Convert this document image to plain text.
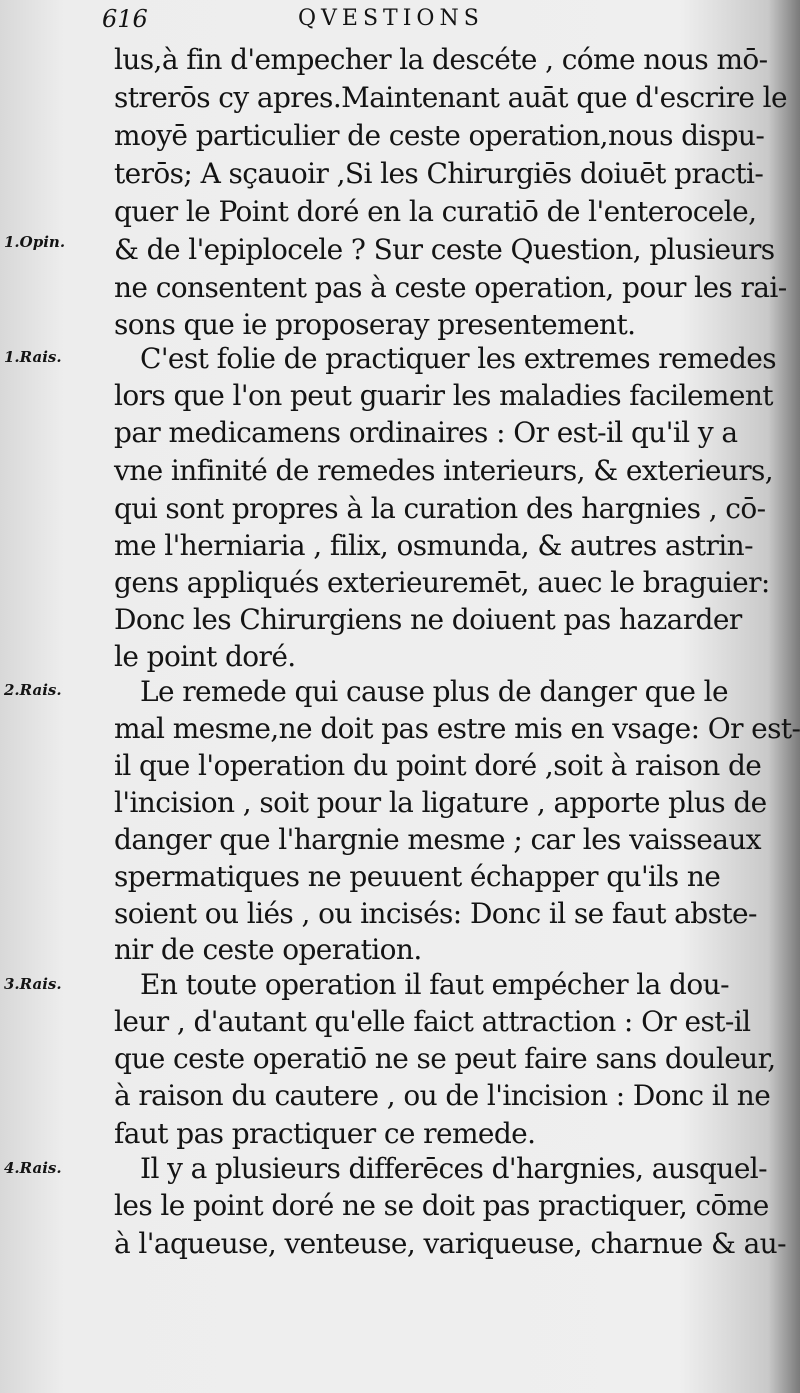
616	QVESTIONS
lus,à fin d'empecher la descéte , cóme nous mō-
strerōs cy apres.Maintenant auāt que d'escrire le
moyē particulier de ceste operation,nous dispu-
terōs; A sçauoir ,Si les Chirurgiēs doiuēt practi-
quer le Point doré en la curatiō de l'enterocele,
& de l'epiplocele ? Sur ceste Question, plusieurs
ne consentent pas à ceste operation, pour les rai-
sons que ie proposeray presentement.
C'est folie de practiquer les extremes remedes
lors que l'on peut guarir les maladies facilement
par medicamens ordinaires : Or est-il qu'il y a
vne infinité de remedes interieurs, & exterieurs,
qui sont propres à la curation des hargnies , cō-
me l'herniaria , filix, osmunda, & autres astrin-
gens appliqués exterieuremēt, auec le braguier:
Donc les Chirurgiens ne doiuent pas hazarder
le point doré.
Le remede qui cause plus de danger que le
mal mesme,ne doit pas estre mis en vsage: Or est-
il que l'operation du point doré ,soit à raison de
l'incision , soit pour la ligature , apporte plus de
danger que l'hargnie mesme ; car les vaisseaux
spermatiques ne peuuent échapper qu'ils ne
soient ou liés , ou incisés: Donc il se faut abste-
nir de ceste operation.
En toute operation il faut empécher la dou-
leur , d'autant qu'elle faict attraction : Or est-il
que ceste operatiō ne se peut faire sans douleur,
à raison du cautere , ou de l'incision : Donc il ne
faut pas practiquer ce remede.
Il y a plusieurs differēces d'hargnies, ausquel-
les le point doré ne se doit pas practiquer, cōme
à l'aqueuse, venteuse, variqueuse, charnue & au-
1.Opin.
1.Rais.
2.Rais.
3.Rais.
4.Rais.
